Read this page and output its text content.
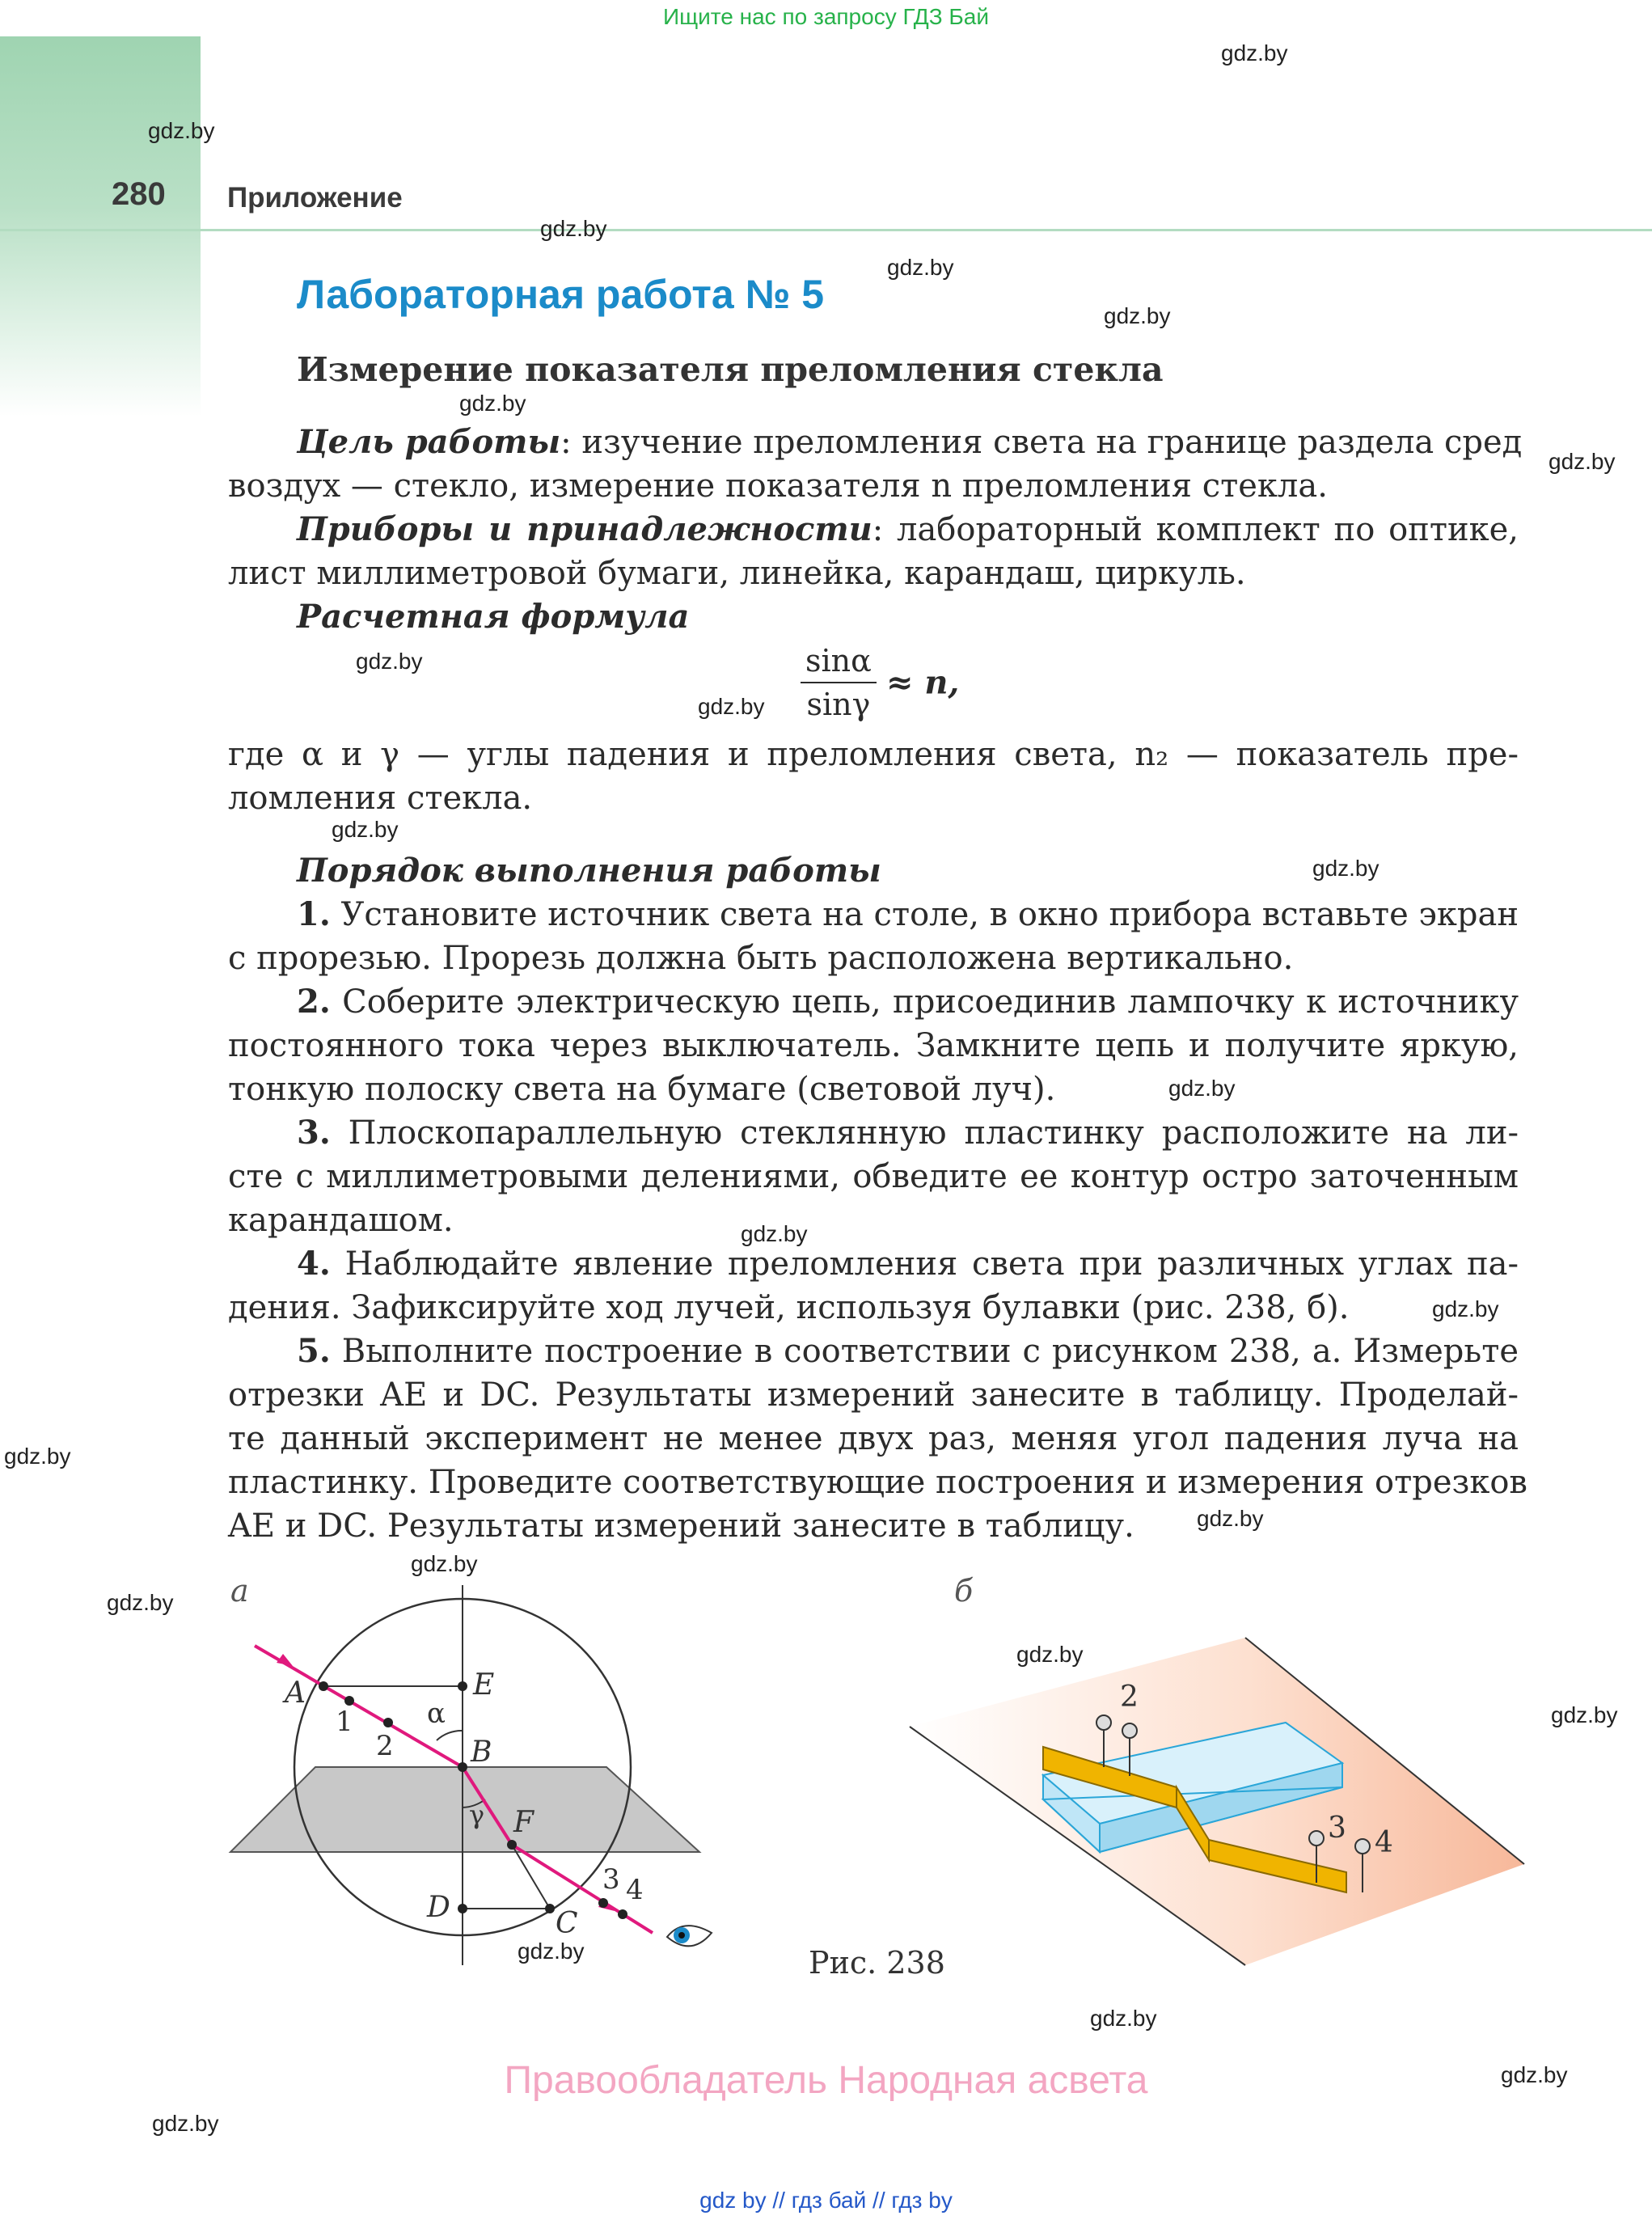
Ищите нас по запросу ГДЗ Бай
280 Приложение
Лабораторная работа № 5
Измерение показателя преломления стекла
Цель работы: изучение преломления света на границе раздела сред
воздух — стекло, измерение показателя n преломления стекла.
Приборы и принадлежности: лабораторный комплект по оптике,
лист миллиметровой бумаги, линейка, карандаш, циркуль.
Расчетная формула
$\frac{\sin\alpha}{\sin\gamma} \approx n$,
где α и γ — углы падения и преломления света, n₂ — показатель пре-
ломления стекла.
Порядок выполнения работы
1. Установите источник света на столе, в окно прибора вставьте экран
с прорезью. Прорезь должна быть расположена вертикально.
2. Соберите электрическую цепь, присоединив лампочку к источнику
постоянного тока через выключатель. Замкните цепь и получите яркую,
тонкую полоску света на бумаге (световой луч).
3. Плоскопараллельную стеклянную пластинку расположите на ли-
сте с миллиметровыми делениями, обведите ее контур остро заточенным
карандашом.
4. Наблюдайте явление преломления света при различных углах па-
дения. Зафиксируйте ход лучей, используя булавки (рис. 238, б).
5. Выполните построение в соответствии с рисунком 238, а. Измерьте
отрезки AE и DC. Результаты измерений занесите в таблицу. Проделай-
те данный эксперимент не менее двух раз, меняя угол падения луча на
пластинку. Проведите соответствующие построения и измерения отрезков
AE и DC. Результаты измерений занесите в таблицу.
а	б
A	E
B
F
D	C
α
γ
1
2
3 4
2
3 4
Рис. 238
gdz.by
gdz.by
gdz.by
gdz.by
gdz.by
gdz.by
gdz.by
gdz.by
gdz.by
gdz.by
gdz.by
gdz.by
gdz.by
gdz.by
gdz.by
gdz.by
gdz.by
gdz.by
gdz.by
gdz.by
gdz.by
gdz.by
gdz.by
gdz.by
Правообладатель Народная асвета
gdz by // гдз бай // гдз by
